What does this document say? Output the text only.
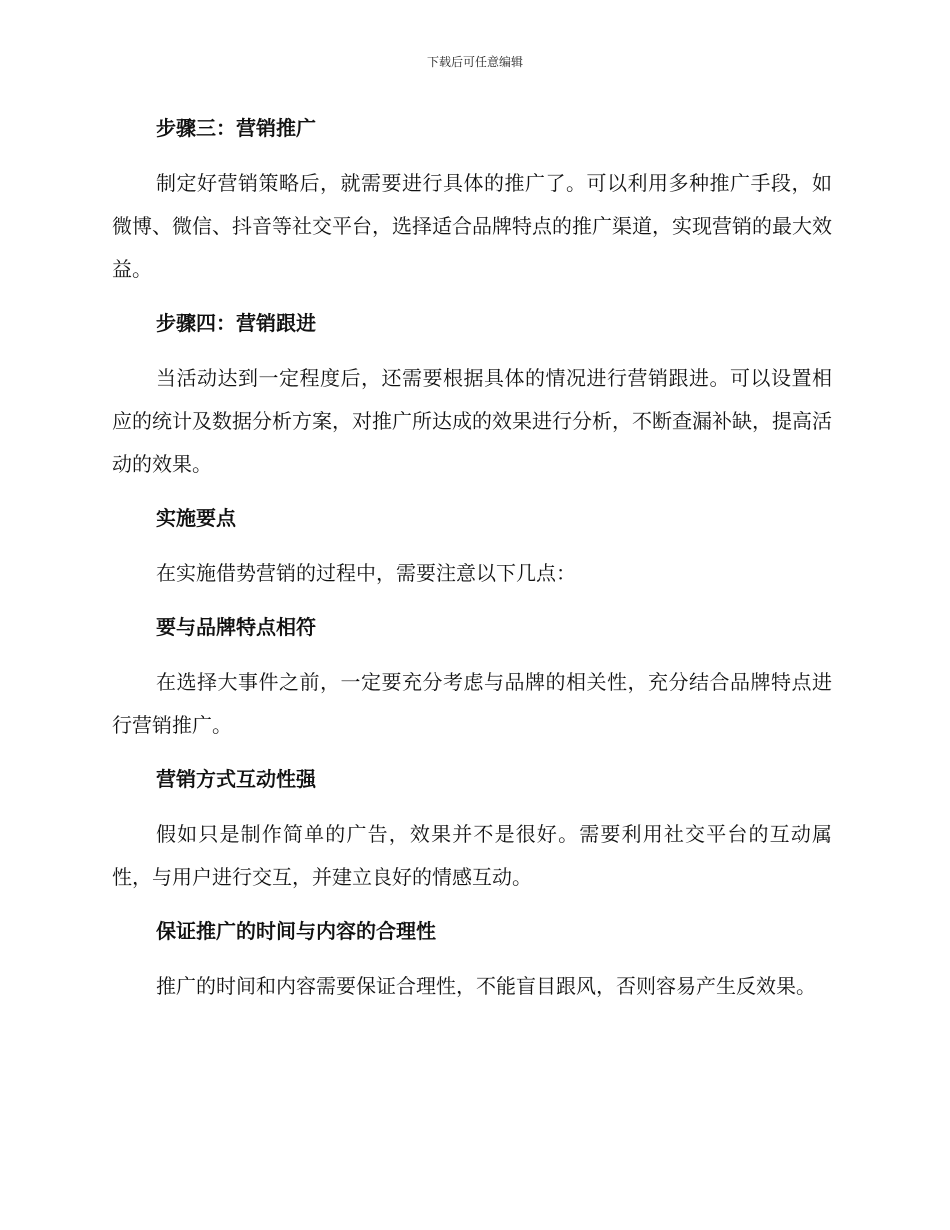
下载后可任意编辑
步骤三：营销推广

制定好营销策略后，就需要进行具体的推广了。可以利用多种推广手段，如微博、微信、抖音等社交平台，选择适合品牌特点的推广渠道，实现营销的最大效益。

步骤四：营销跟进

当活动达到一定程度后，还需要根据具体的情况进行营销跟进。可以设置相应的统计及数据分析方案，对推广所达成的效果进行分析，不断查漏补缺，提高活动的效果。

实施要点

在实施借势营销的过程中，需要注意以下几点：

要与品牌特点相符

在选择大事件之前，一定要充分考虑与品牌的相关性，充分结合品牌特点进行营销推广。

营销方式互动性强

假如只是制作简单的广告，效果并不是很好。需要利用社交平台的互动属性，与用户进行交互，并建立良好的情感互动。

保证推广的时间与内容的合理性

推广的时间和内容需要保证合理性，不能盲目跟风，否则容易产生反效果。
